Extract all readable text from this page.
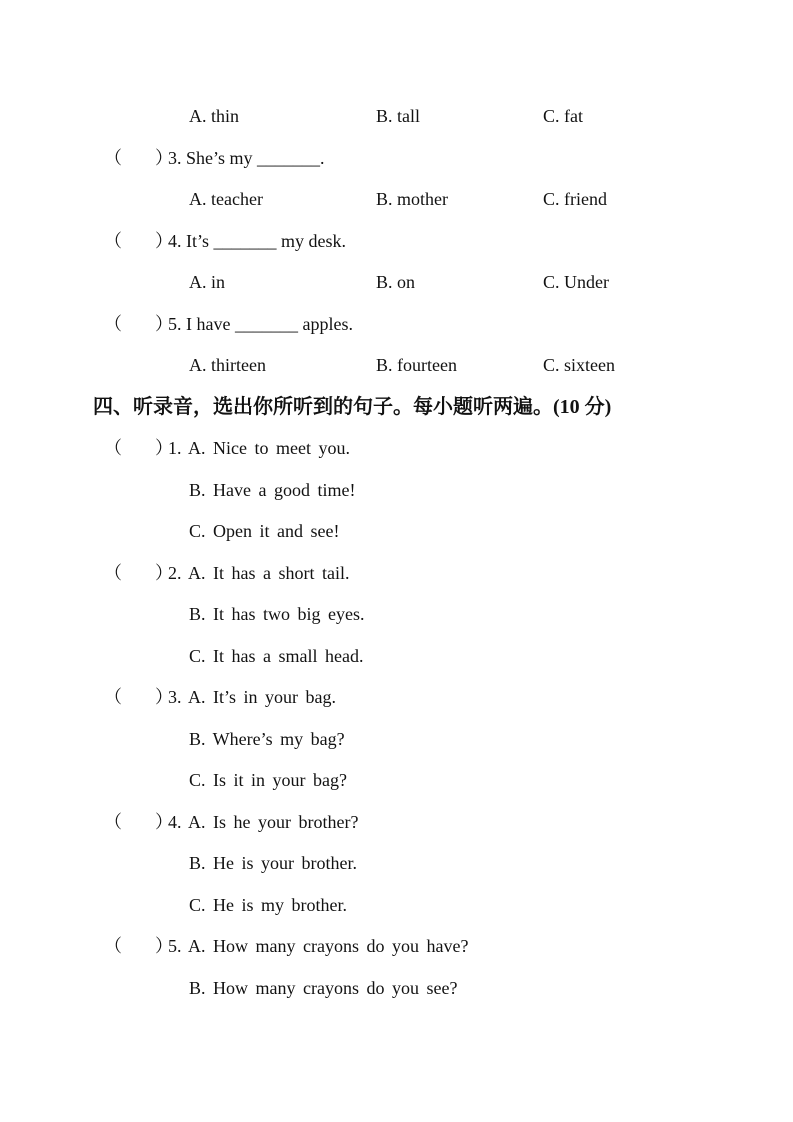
A. thin	B. tall	C. fat
（ ）
3. She’s my _______.
A. teacher	B. mother	C. friend
（ ）
4. It’s _______ my desk.
A. in	B. on	C. Under
（ ）
5. I have _______ apples.
A. thirteen	B. fourteen	C. sixteen
四、听录音，选出你所听到的句子。每小题听两遍。(10 分)
（ ）
1. A. Nice to meet you.
B. Have a good time!
C. Open it and see!
（ ）
2. A. It has a short tail.
B. It has two big eyes.
C. It has a small head.
（ ）
3. A. It’s in your bag.
B. Where’s my bag?
C. Is it in your bag?
（ ）
4. A. Is he your brother?
B. He is your brother.
C. He is my brother.
（ ）
5. A. How many crayons do you have?
B. How many crayons do you see?
